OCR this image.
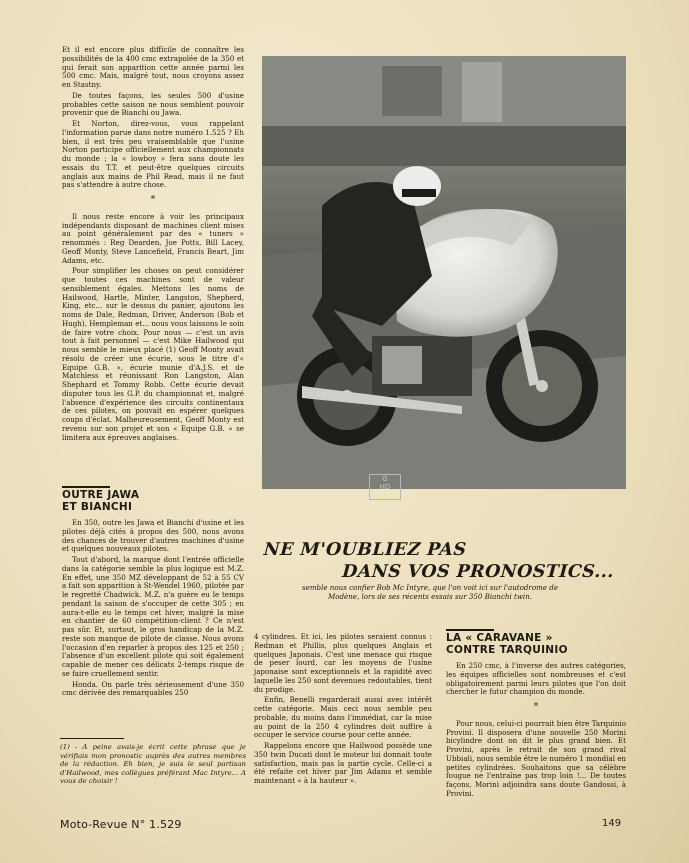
Et il est encore plus difficile de connaître les possibilités de la 400 cmc extrapolée de la 350 et qui ferait son apparition cette année parmi les 500 cmc. Mais, malgré tout, nous croyons assez en Stastny.

De toutes façons, les seules 500 d'usine probables cette saison ne nous semblent pouvoir provenir que de Bianchi ou Jawa.

Et Norton, direz-vous, vous rappelant l'information parue dans notre numéro 1.525 ? Eh bien, il est très peu vraisemblable que l'usine Norton participe officiellement aux championnats du monde ; la « lowboy » fera sans doute les essais du T.T. et peut-être quelques circuits anglais aux mains de Phil Read, mais il ne faut pas s'attendre à autre chose.

*

Il nous reste encore à voir les principaux indépendants disposant de machines client mises au point généralement par des « tuners » renommés : Reg Dearden, Joe Potts, Bill Lacey, Geoff Monty, Steve Lancefield, Francis Beart, Jim Adams, etc.

Pour simplifier les choses on peut considérer que toutes ces machines sont de valeur sensiblement égales. Mettons les noms de Hailwood, Hartle, Minter, Langston, Shepherd, King, etc... sur le dessus du panier, ajoutons les noms de Dale, Redman, Driver, Anderson (Bob et Hugh), Hempleman et... nous vous laissons le soin de faire votre choix. Pour nous — c'est un avis tout à fait personnel — c'est Mike Hailwood qui nous semble le mieux placé (1) Geoff Monty avait résolu de créer une écurie, sous le titre d'« Equipe G.B. », écurie munie d'A.J.S. et de Matchless et réunissant Ron Langston, Alan Shephard et Tommy Robb. Cette écurie devait disputer tous les G.P. du championnat et, malgré l'absence d'expérience des circuits continentaux de ces pilotes, on pouvait en espérer quelques coups d'éclat. Malheureusement, Geoff Monty est revenu sur son projet et son « Equipe G.B. » se limitera aux épreuves anglaises.

OUTRE JAWA
ET BIANCHI

En 350, outre les Jawa et Bianchi d'usine et les pilotes déjà cités à propos des 500, nous avons des chances de trouver d'autres machines d'usine et quelques nouveaux pilotes.

Tout d'abord, la marque dont l'entrée officielle dans la catégorie semble la plus logique est M.Z. En effet, une 350 MZ développant de 52 à 55 CV a fait son apparition à St-Wendel 1960, pilotée par le regretté Chadwick. M.Z. n'a guère eu le temps pendant la saison de s'occuper de cette 305 ; en aura-t-elle eu le temps cet hiver, malgré la mise en chantier de 60 compétition-client ? Ce n'est pas sûr. Et, surtout, le gros handicap de la M.Z. reste son manque de pilote de classe. Nous avons l'occasion d'en reparler à propos des 125 et 250 ; l'absence d'un excellent pilote qui soit également capable de mener ces délicats 2-temps risque de se faire cruellement sentir.

Honda. On parle très sérieusement d'une 350 cmc dérivée des remarquables 250

(1) - A peine avais-je écrit cette phrase que je vérifiais mon pronostic auprès des autres membres de la rédaction. Eh bien, je suis le seul partisan d'Hailwood, mes collègues préférant Mac Intyre... A vous de choisir !
G
HD
NE M'OUBLIEZ PAS
DANS VOS PRONOSTICS...
semble nous confier Bob Mc Intyre, que l'on voit ici sur l'autodrome de Modène, lors de ses récents essais sur 350 Bianchi twin.

4 cylindres. Et ici, les pilotes seraient connus : Redman et Phillis, plus quelques Anglais et quelques Japonais. C'est une menace qui risque de peser lourd, car les moyens de l'usine japonaise sont exceptionnels et la rapidité avec laquelle les 250 sont devenues redoutables, tient du prodige.

Enfin, Benelli regarderait aussi avec intérêt cette catégorie. Mais ceci nous semble peu probable, du moins dans l'immédiat, car la mise au point de la 250 4 cylindres doit suffire à occuper le service course pour cette année.

Rappelons encore que Hailwood possède une 350 twin Ducati dont le moteur lui donnait toute satisfaction, mais pas la partie cycle. Celle-ci a été refaite cet hiver par Jim Adams et semble maintenant « à la hauteur ».

LA « CARAVANE »
CONTRE TARQUINIO

En 250 cmc, à l'inverse des autres catégories, les équipes officielles sont nombreuses et c'est obligatoirement parmi leurs pilotes que l'on doit chercher le futur champion du monde.

*

Pour nous, celui-ci pourrait bien être Tarquinio Provini. Il disposera d'une nouvelle 250 Morini bicylindre dont on dit le plus grand bien. Et Provini, après le retrait de son grand rival Ubbiali, nous semble être le numéro 1 mondial en petites cylindrées. Souhaitons que sa célèbre fougue ne l'entraîne pas trop loin !... De toutes façons, Morini adjoindra sans doute Gandossi, à Provini.

Moto-Revue N° 1.529	149
